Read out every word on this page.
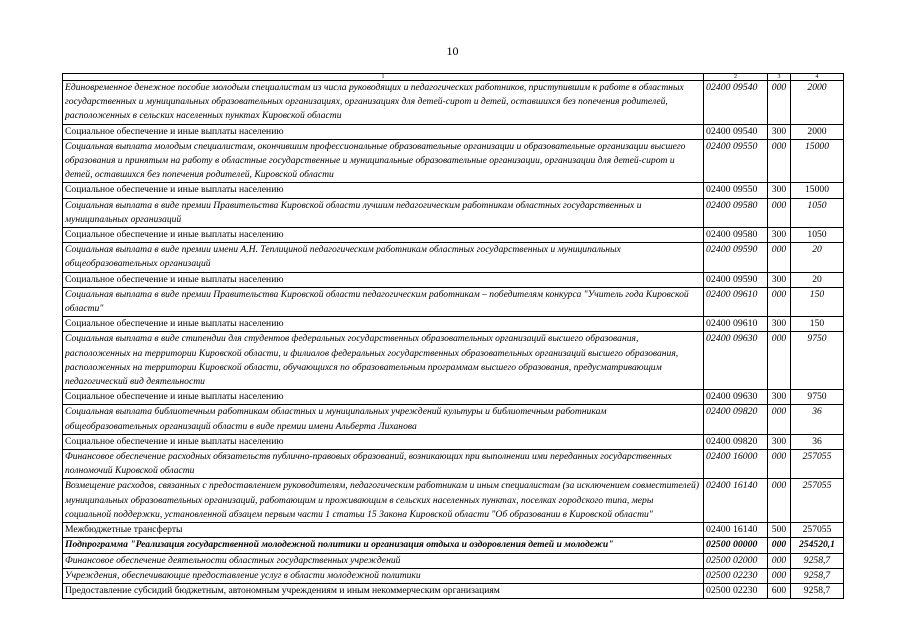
10
1	2	3	4
Единовременное денежное пособие молодым специалистам из числа руководящих и педагогических работников, приступившим к работе в областных государственных и муниципальных образовательных организациях, организациях для детей-сирот и детей, оставшихся без попечения родителей, расположенных в сельских населенных пунктах Кировской области	02400 09540	000	2000
Социальное обеспечение и иные выплаты населению	02400 09540	300	2000
Социальная выплата молодым специалистам, окончившим профессиональные образовательные организации и образовательные организации высшего образования и принятым на работу в областные государственные и муниципальные образовательные организации, организации для детей-сирот и детей, оставшихся без попечения родителей, Кировской области	02400 09550	000	15000
Социальное обеспечение и иные выплаты населению	02400 09550	300	15000
Социальная выплата в виде премии Правительства Кировской области лучшим педагогическим работникам областных государственных и муниципальных организаций	02400 09580	000	1050
Социальное обеспечение и иные выплаты населению	02400 09580	300	1050
Социальная выплата в виде премии имени А.Н. Теплициной педагогическим работникам областных государственных и муниципальных общеобразовательных организаций	02400 09590	000	20
Социальное обеспечение и иные выплаты населению	02400 09590	300	20
Социальная выплата в виде премии Правительства Кировской области педагогическим работникам – победителям конкурса "Учитель года Кировской области"	02400 09610	000	150
Социальное обеспечение и иные выплаты населению	02400 09610	300	150
Социальная выплата в виде стипендии для студентов федеральных государственных образовательных организаций высшего образования, расположенных на территории Кировской области, и филиалов федеральных государственных образовательных организаций высшего образования, расположенных на территории Кировской области, обучающихся по образовательным программам высшего образования, предусматривающим педагогический вид деятельности	02400 09630	000	9750
Социальное обеспечение и иные выплаты населению	02400 09630	300	9750
Социальная выплата библиотечным работникам областных и муниципальных учреждений культуры и библиотечным работникам общеобразовательных организаций области в виде премии имени Альберта Лиханова	02400 09820	000	36
Социальное обеспечение и иные выплаты населению	02400 09820	300	36
Финансовое обеспечение расходных обязательств публично-правовых образований, возникающих при выполнении ими переданных государственных полномочий Кировской области	02400 16000	000	257055
Возмещение расходов, связанных с предоставлением руководителям, педагогическим работникам и иным специалистам (за исключением совместителей) муниципальных образовательных организаций, работающим и проживающим в сельских населенных пунктах, поселках городского типа, меры социальной поддержки, установленной абзацем первым части 1 статьи 15 Закона Кировской области "Об образовании в Кировской области"	02400 16140	000	257055
Межбюджетные трансферты	02400 16140	500	257055
Подпрограмма "Реализация государственной молодежной политики и организация отдыха и оздоровления детей и молодежи"	02500 00000	000	254520,1
Финансовое обеспечение деятельности областных государственных учреждений	02500 02000	000	9258,7
Учреждения, обеспечивающие предоставление услуг в области молодежной политики	02500 02230	000	9258,7
Предоставление субсидий бюджетным, автономным учреждениям и иным некоммерческим организациям	02500 02230	600	9258,7
